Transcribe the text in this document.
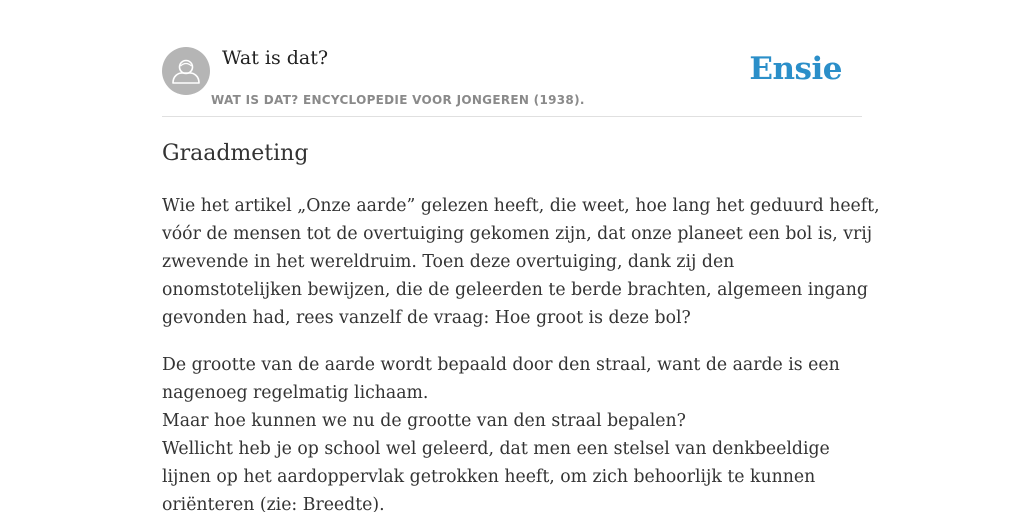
Wat is dat?
WAT IS DAT? ENCYCLOPEDIE VOOR JONGEREN (1938).
Ensie
Graadmeting

Wie het artikel „Onze aarde” gelezen heeft, die weet, hoe lang het geduurd heeft,
vóór de mensen tot de overtuiging gekomen zijn, dat onze planeet een bol is, vrij
zwevende in het wereldruim. Toen deze overtuiging, dank zij den
onomstotelijken bewijzen, die de geleerden te berde brachten, algemeen ingang
gevonden had, rees vanzelf de vraag: Hoe groot is deze bol?

De grootte van de aarde wordt bepaald door den straal, want de aarde is een
nagenoeg regelmatig lichaam.
Maar hoe kunnen we nu de grootte van den straal bepalen?
Wellicht heb je op school wel geleerd, dat men een stelsel van denkbeeldige
lijnen op het aardoppervlak getrokken heeft, om zich behoorlijk te kunnen
oriënteren (zie: Breedte).
